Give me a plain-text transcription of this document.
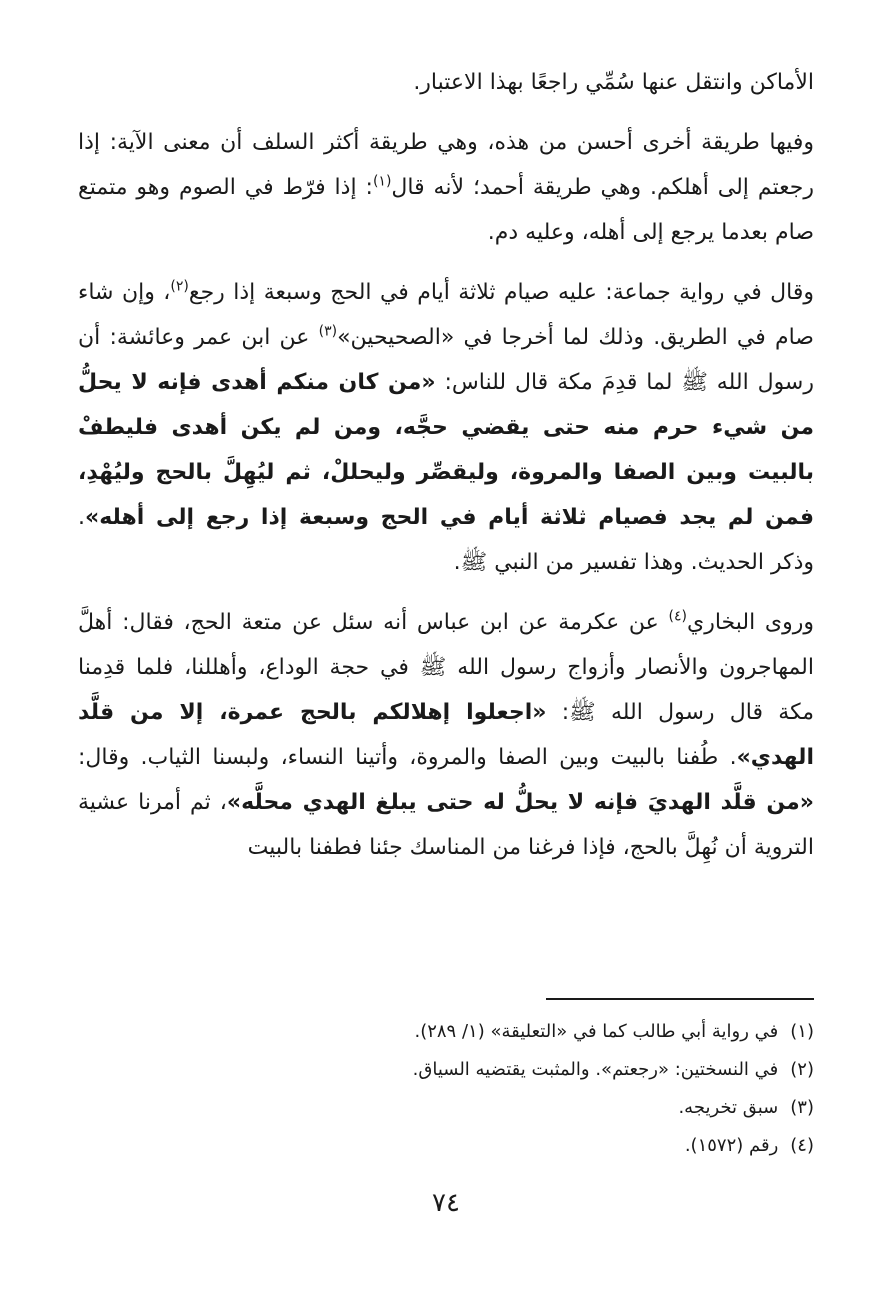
الأماكن وانتقل عنها سُمِّي راجعًا بهذا الاعتبار.

وفيها طريقة أخرى أحسن من هذه، وهي طريقة أكثر السلف أن معنى الآية: إذا رجعتم إلى أهلكم. وهي طريقة أحمد؛ لأنه قال$^{(١)}$: إذا فرّط في الصوم وهو متمتع صام بعدما يرجع إلى أهله، وعليه دم.

وقال في رواية جماعة: عليه صيام ثلاثة أيام في الحج وسبعة إذا رجع$^{(٢)}$، وإن شاء صام في الطريق. وذلك لما أخرجا في «الصحيحين»$^{(٣)}$ عن ابن عمر وعائشة: أن رسول الله ﷺ لما قدِمَ مكة قال للناس: «من كان منكم أهدى فإنه لا يحلُّ من شيء حرم منه حتى يقضي حجَّه، ومن لم يكن أهدى فليطفْ بالبيت وبين الصفا والمروة، وليقصِّر وليحللْ، ثم ليُهِلَّ بالحج وليُهْدِ، فمن لم يجد فصيام ثلاثة أيام في الحج وسبعة إذا رجع إلى أهله». وذكر الحديث. وهذا تفسير من النبي ﷺ.

وروى البخاري$^{(٤)}$ عن عكرمة عن ابن عباس أنه سئل عن متعة الحج، فقال: أهلَّ المهاجرون والأنصار وأزواج رسول الله ﷺ في حجة الوداع، وأهللنا، فلما قدِمنا مكة قال رسول الله ﷺ: «اجعلوا إهلالكم بالحج عمرة، إلا من قلَّد الهدي». طُفنا بالبيت وبين الصفا والمروة، وأتينا النساء، ولبسنا الثياب. وقال: «من قلَّد الهديَ فإنه لا يحلُّ له حتى يبلغ الهدي محلَّه»، ثم أمرنا عشية التروية أن نُهِلَّ بالحج، فإذا فرغنا من المناسك جئنا فطفنا بالبيت

(١)في رواية أبي طالب كما في «التعليقة» (١/ ٢٨٩).
(٢)في النسختين: «رجعتم». والمثبت يقتضيه السياق.
(٣)سبق تخريجه.
(٤)رقم (١٥٧٢).
٧٤
